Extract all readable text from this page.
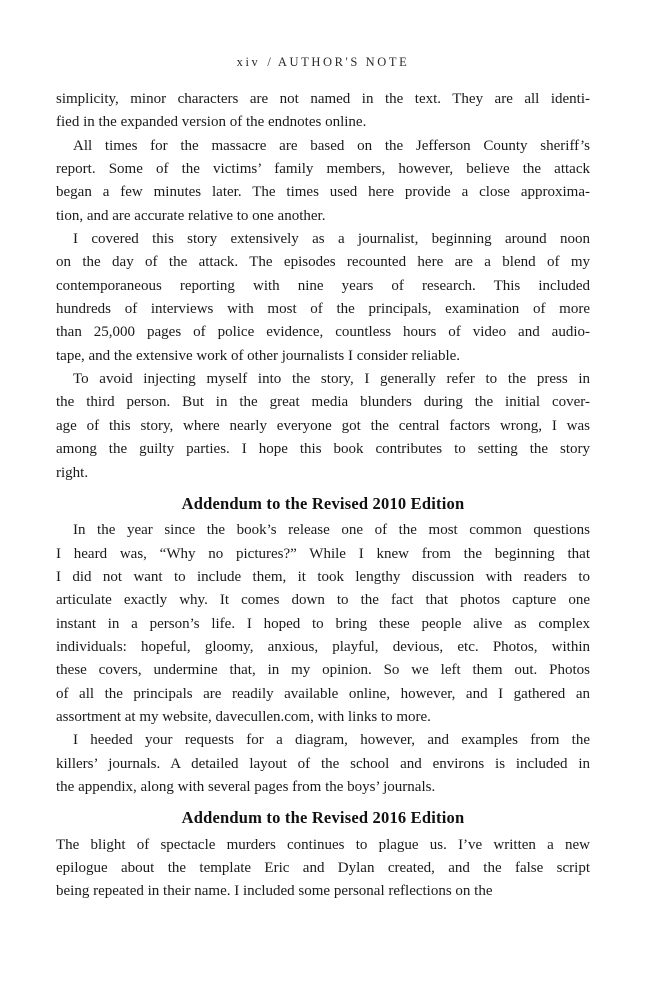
xiv / AUTHOR'S NOTE
simplicity, minor characters are not named in the text. They are all identi-
fied in the expanded version of the endnotes online.
All times for the massacre are based on the Jefferson County sheriff’s
report. Some of the victims’ family members, however, believe the attack
began a few minutes later. The times used here provide a close approxima-
tion, and are accurate relative to one another.
I covered this story extensively as a journalist, beginning around noon
on the day of the attack. The episodes recounted here are a blend of my
contemporaneous reporting with nine years of research. This included
hundreds of interviews with most of the principals, examination of more
than 25,000 pages of police evidence, countless hours of video and audio-
tape, and the extensive work of other journalists I consider reliable.
To avoid injecting myself into the story, I generally refer to the press in
the third person. But in the great media blunders during the initial cover-
age of this story, where nearly everyone got the central factors wrong, I was
among the guilty parties. I hope this book contributes to setting the story
right.
Addendum to the Revised 2010 Edition
In the year since the book’s release one of the most common questions
I heard was, “Why no pictures?” While I knew from the beginning that
I did not want to include them, it took lengthy discussion with readers to
articulate exactly why. It comes down to the fact that photos capture one
instant in a person’s life. I hoped to bring these people alive as complex
individuals: hopeful, gloomy, anxious, playful, devious, etc. Photos, within
these covers, undermine that, in my opinion. So we left them out. Photos
of all the principals are readily available online, however, and I gathered an
assortment at my website, davecullen.com, with links to more.
I heeded your requests for a diagram, however, and examples from the
killers’ journals. A detailed layout of the school and environs is included in
the appendix, along with several pages from the boys’ journals.
Addendum to the Revised 2016 Edition
The blight of spectacle murders continues to plague us. I’ve written a new
epilogue about the template Eric and Dylan created, and the false script
being repeated in their name. I included some personal reflections on the
